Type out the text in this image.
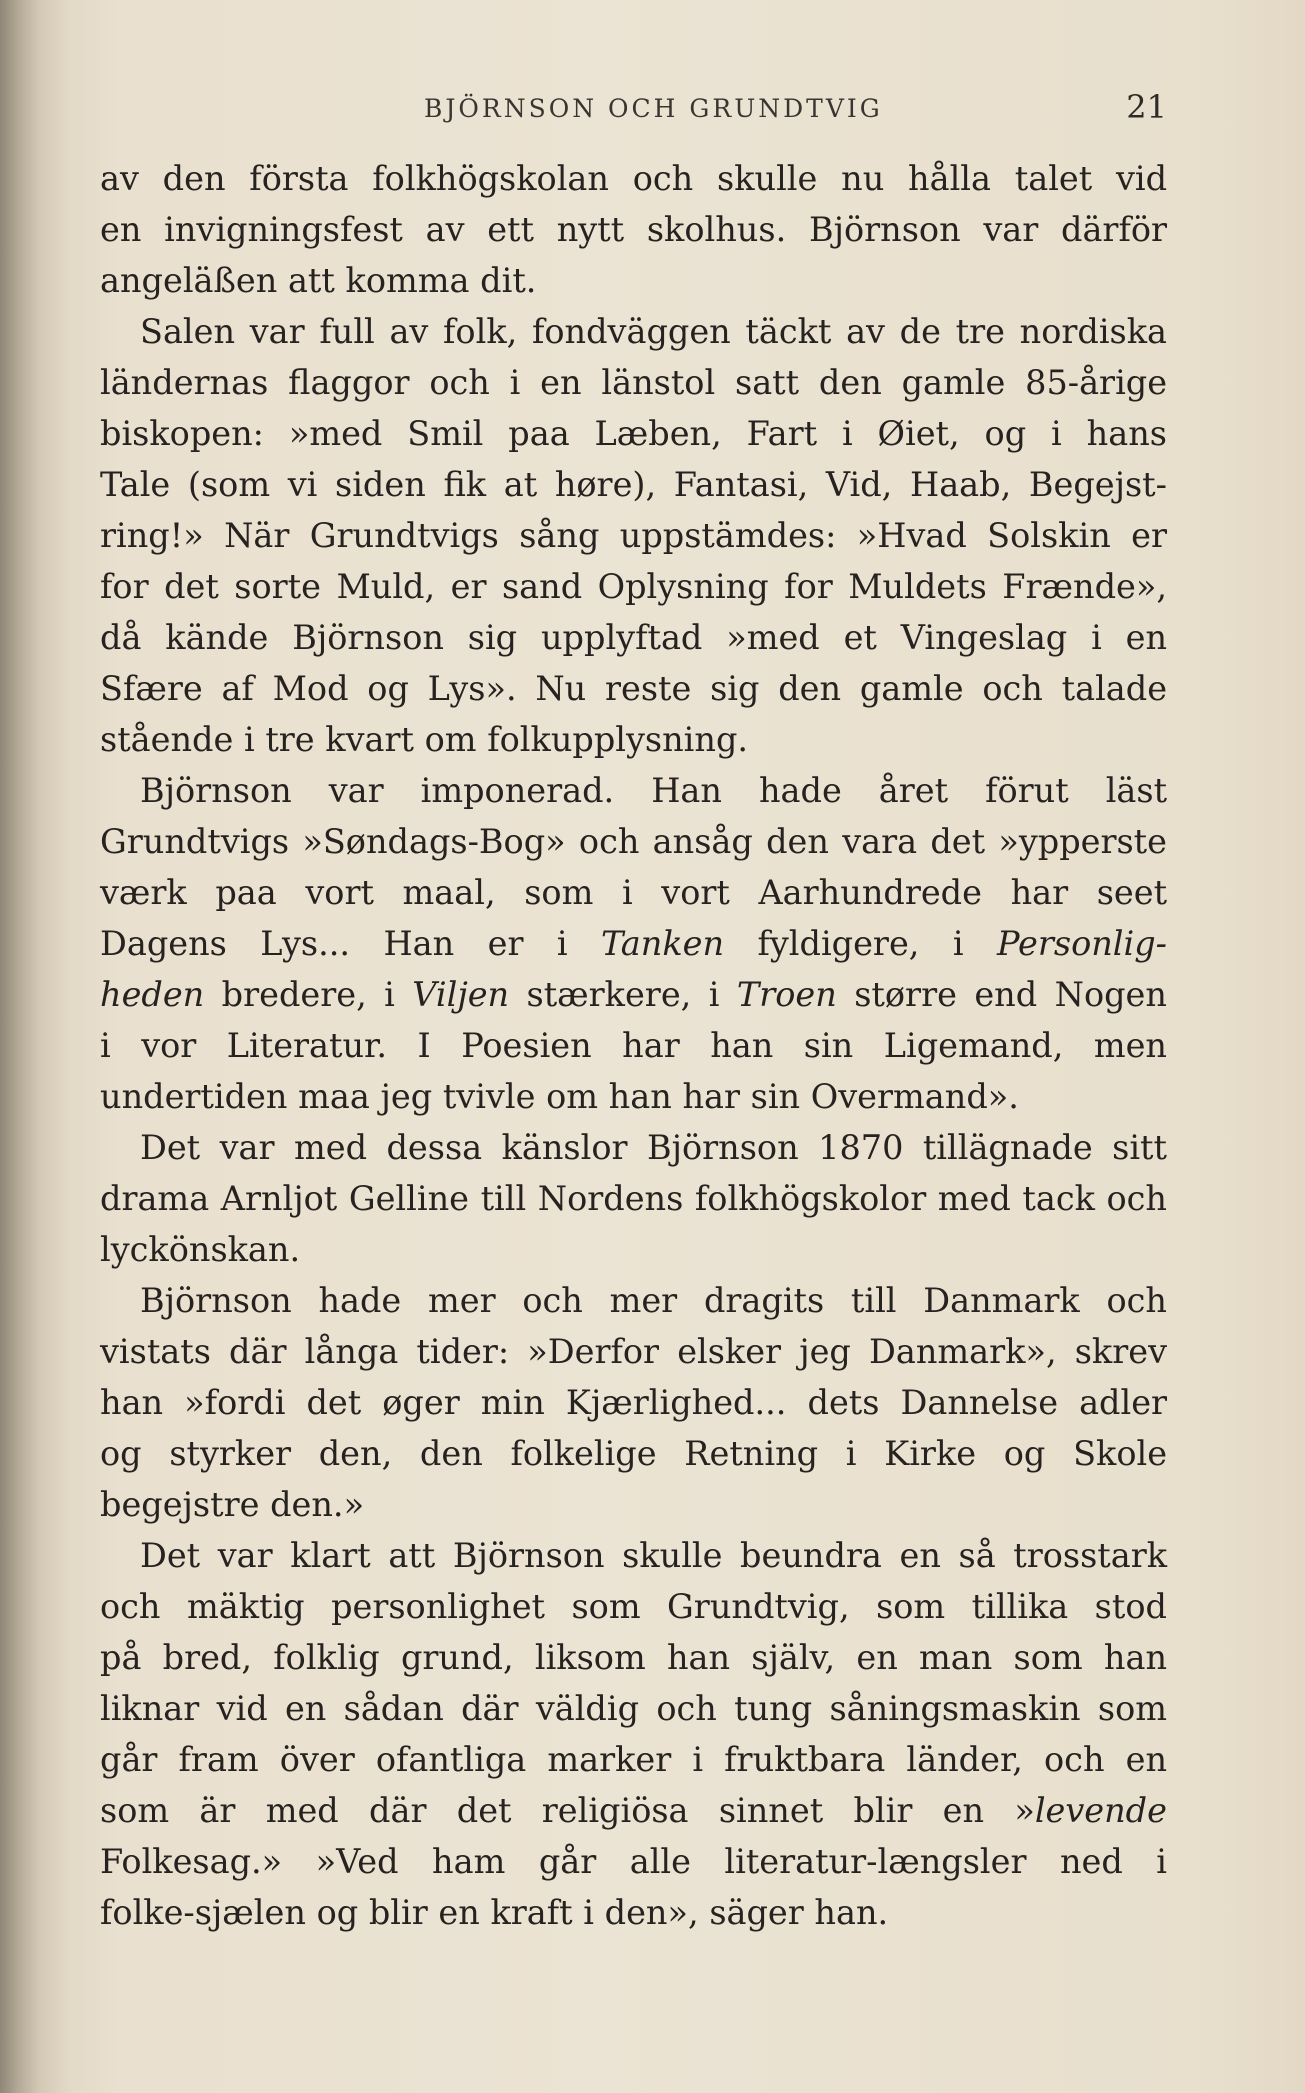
BJÖRNSON OCH GRUNDTVIG	21
av den första folkhögskolan och skulle nu hålla talet vid
en invigningsfest av ett nytt skolhus. Björnson var därför
angeläßen att komma dit.
Salen var full av folk, fondväggen täckt av de tre nordiska
ländernas flaggor och i en länstol satt den gamle 85-årige
biskopen: »med Smil paa Læben, Fart i Øiet, og i hans
Tale (som vi siden fik at høre), Fantasi, Vid, Haab, Begejst-
ring!» När Grundtvigs sång uppstämdes: »Hvad Solskin er
for det sorte Muld, er sand Oplysning for Muldets Frænde»,
då kände Björnson sig upplyftad »med et Vingeslag i en
Sfære af Mod og Lys». Nu reste sig den gamle och talade
stående i tre kvart om folkupplysning.
Björnson var imponerad. Han hade året förut läst
Grundtvigs »Søndags-Bog» och ansåg den vara det »ypperste
værk paa vort maal, som i vort Aarhundrede har seet
Dagens Lys... Han er i Tanken fyldigere, i Personlig-
heden bredere, i Viljen stærkere, i Troen større end Nogen
i vor Literatur. I Poesien har han sin Ligemand, men
undertiden maa jeg tvivle om han har sin Overmand».
Det var med dessa känslor Björnson 1870 tillägnade sitt
drama Arnljot Gelline till Nordens folkhögskolor med tack och
lyckönskan.
Björnson hade mer och mer dragits till Danmark och
vistats där långa tider: »Derfor elsker jeg Danmark», skrev
han »fordi det øger min Kjærlighed... dets Dannelse adler
og styrker den, den folkelige Retning i Kirke og Skole
begejstre den.»
Det var klart att Björnson skulle beundra en så trosstark
och mäktig personlighet som Grundtvig, som tillika stod
på bred, folklig grund, liksom han själv, en man som han
liknar vid en sådan där väldig och tung såningsmaskin som
går fram över ofantliga marker i fruktbara länder, och en
som är med där det religiösa sinnet blir en »levende
Folkesag.» »Ved ham går alle literatur-længsler ned i
folke-sjælen og blir en kraft i den», säger han.
